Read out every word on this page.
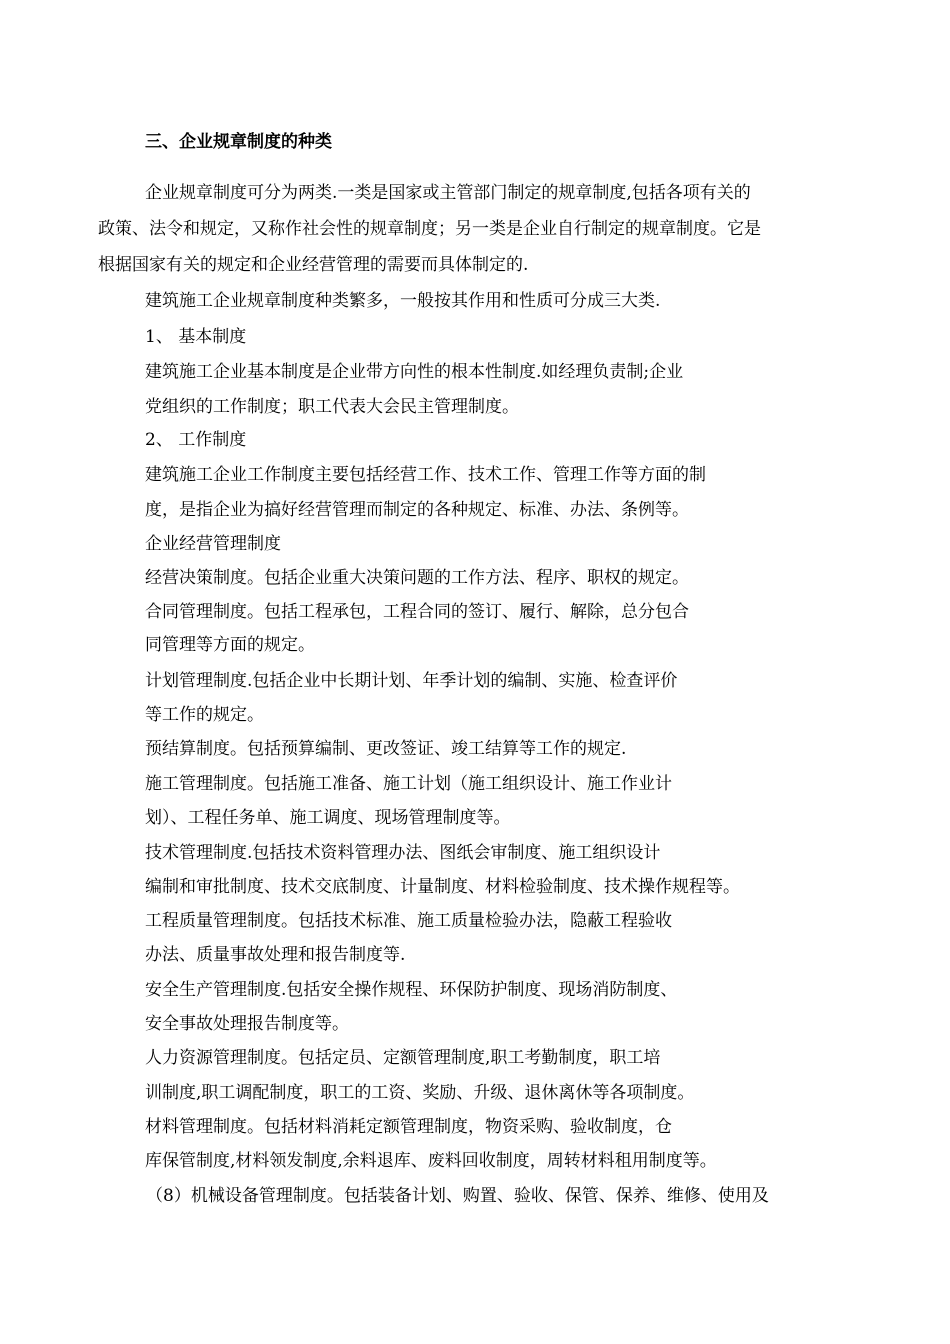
三、企业规章制度的种类
企业规章制度可分为两类.一类是国家或主管部门制定的规章制度,包括各项有关的
政策、法令和规定，又称作社会性的规章制度；另一类是企业自行制定的规章制度。它是
根据国家有关的规定和企业经营管理的需要而具体制定的.
建筑施工企业规章制度种类繁多，一般按其作用和性质可分成三大类.
1、 基本制度
建筑施工企业基本制度是企业带方向性的根本性制度.如经理负责制;企业
党组织的工作制度；职工代表大会民主管理制度。
2、 工作制度
建筑施工企业工作制度主要包括经营工作、技术工作、管理工作等方面的制
度，是指企业为搞好经营管理而制定的各种规定、标准、办法、条例等。
企业经营管理制度
经营决策制度。包括企业重大决策问题的工作方法、程序、职权的规定。
合同管理制度。包括工程承包，工程合同的签订、履行、解除，总分包合
同管理等方面的规定。
计划管理制度.包括企业中长期计划、年季计划的编制、实施、检查评价
等工作的规定。
预结算制度。包括预算编制、更改签证、竣工结算等工作的规定.
施工管理制度。包括施工准备、施工计划（施工组织设计、施工作业计
划）、工程任务单、施工调度、现场管理制度等。
技术管理制度.包括技术资料管理办法、图纸会审制度、施工组织设计
编制和审批制度、技术交底制度、计量制度、材料检验制度、技术操作规程等。
工程质量管理制度。包括技术标准、施工质量检验办法，隐蔽工程验收
办法、质量事故处理和报告制度等.
安全生产管理制度.包括安全操作规程、环保防护制度、现场消防制度、
安全事故处理报告制度等。
人力资源管理制度。包括定员、定额管理制度,职工考勤制度，职工培
训制度,职工调配制度，职工的工资、奖励、升级、退休离休等各项制度。
材料管理制度。包括材料消耗定额管理制度，物资采购、验收制度，仓
库保管制度,材料领发制度,余料退库、废料回收制度，周转材料租用制度等。
（8）机械设备管理制度。包括装备计划、购置、验收、保管、保养、维修、使用及
